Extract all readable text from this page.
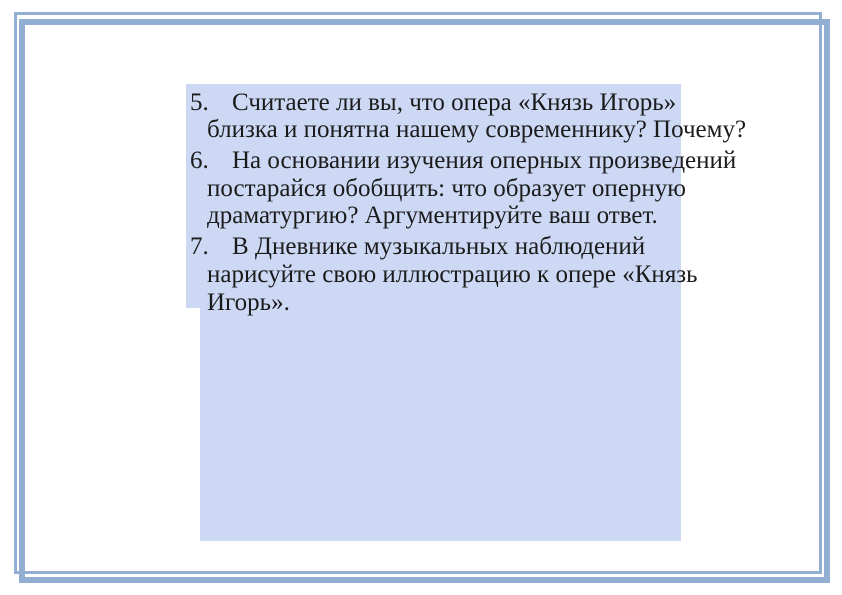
5. Считаете ли вы, что опера «Князь Игорь»
близка и понятна нашему современнику? Почему?
6. На основании изучения оперных произведений
постарайся обобщить: что образует оперную
драматургию? Аргументируйте ваш ответ.
7. В Дневнике музыкальных наблюдений
нарисуйте свою иллюстрацию к опере «Князь
Игорь».
